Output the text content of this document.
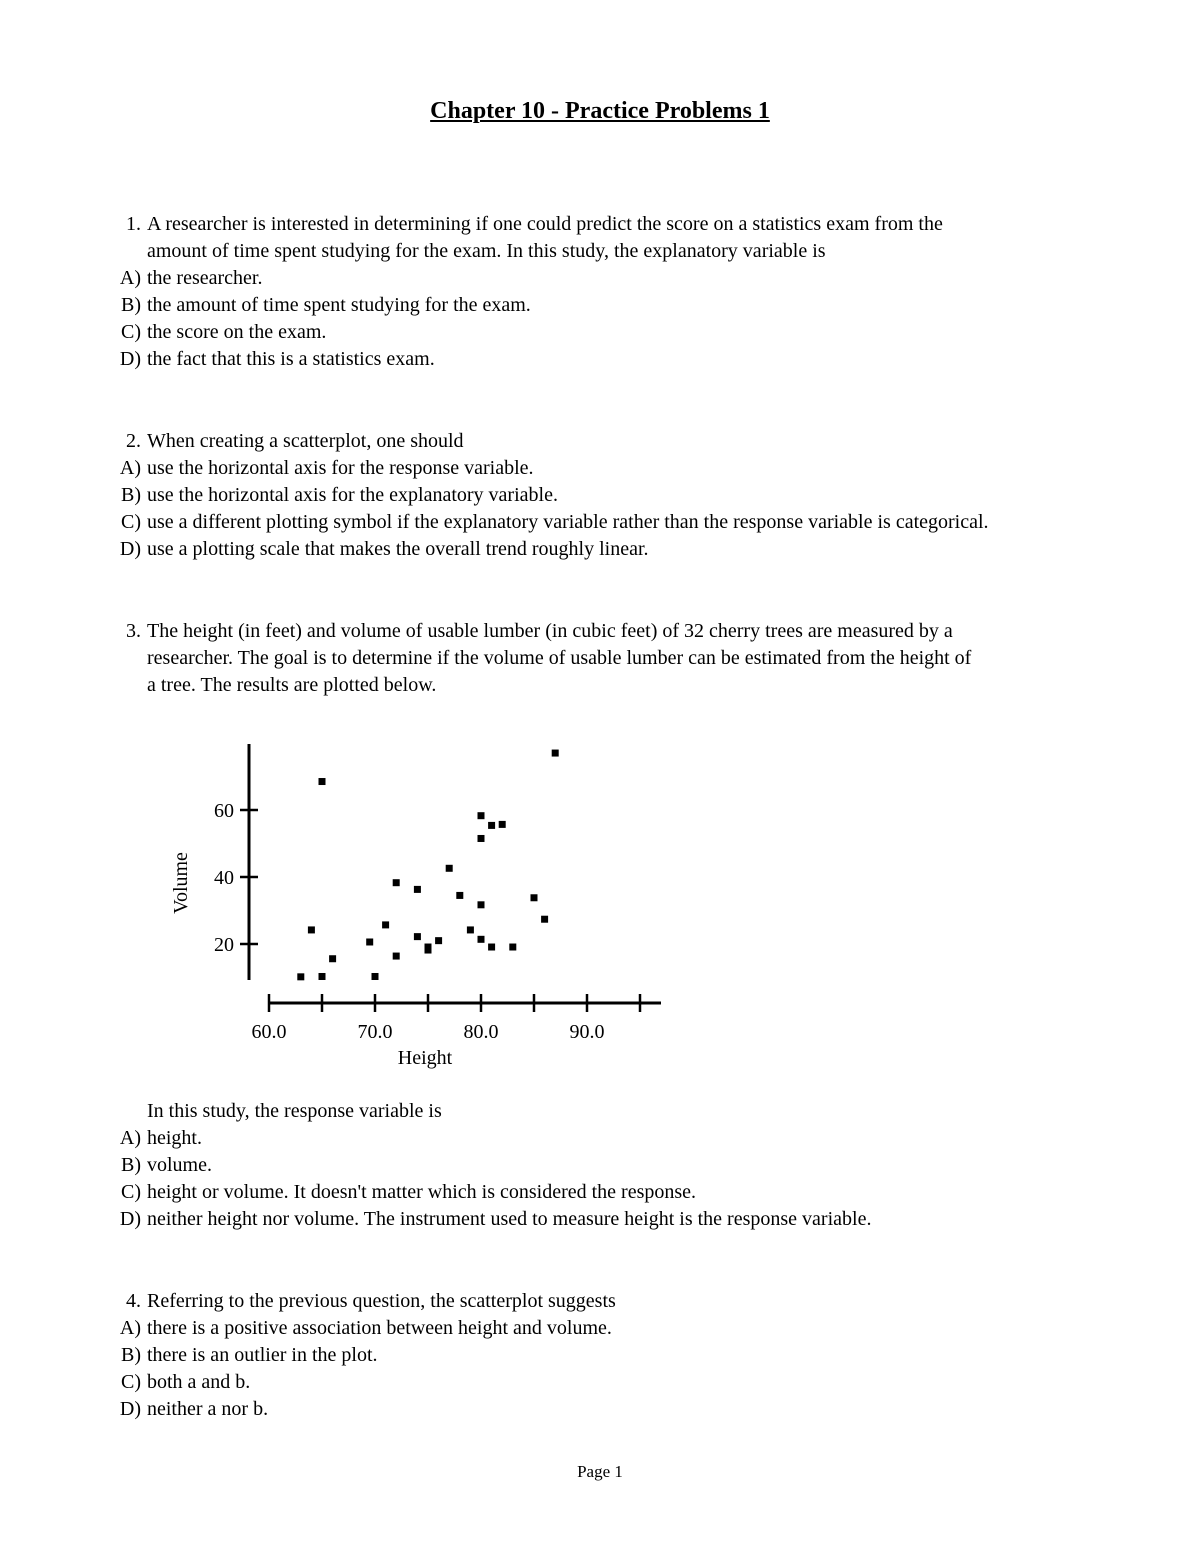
Chapter 10 - Practice Problems 1
1. A researcher is interested in determining if one could predict the score on a statistics exam from the
amount of time spent studying for the exam. In this study, the explanatory variable is
A) the researcher.
B) the amount of time spent studying for the exam.
C) the score on the exam.
D) the fact that this is a statistics exam.
2. When creating a scatterplot, one should
A) use the horizontal axis for the response variable.
B) use the horizontal axis for the explanatory variable.
C) use a different plotting symbol if the explanatory variable rather than the response variable is categorical.
D) use a plotting scale that makes the overall trend roughly linear.
3. The height (in feet) and volume of usable lumber (in cubic feet) of 32 cherry trees are measured by a
researcher. The goal is to determine if the volume of usable lumber can be estimated from the height of
a tree. The results are plotted below.
20
40
60
60.0	70.0	80.0	90.0
Height
Volume
In this study, the response variable is
A) height.
B) volume.
C) height or volume. It doesn't matter which is considered the response.
D) neither height nor volume. The instrument used to measure height is the response variable.
4. Referring to the previous question, the scatterplot suggests
A) there is a positive association between height and volume.
B) there is an outlier in the plot.
C) both a and b.
D) neither a nor b.
Page 1
